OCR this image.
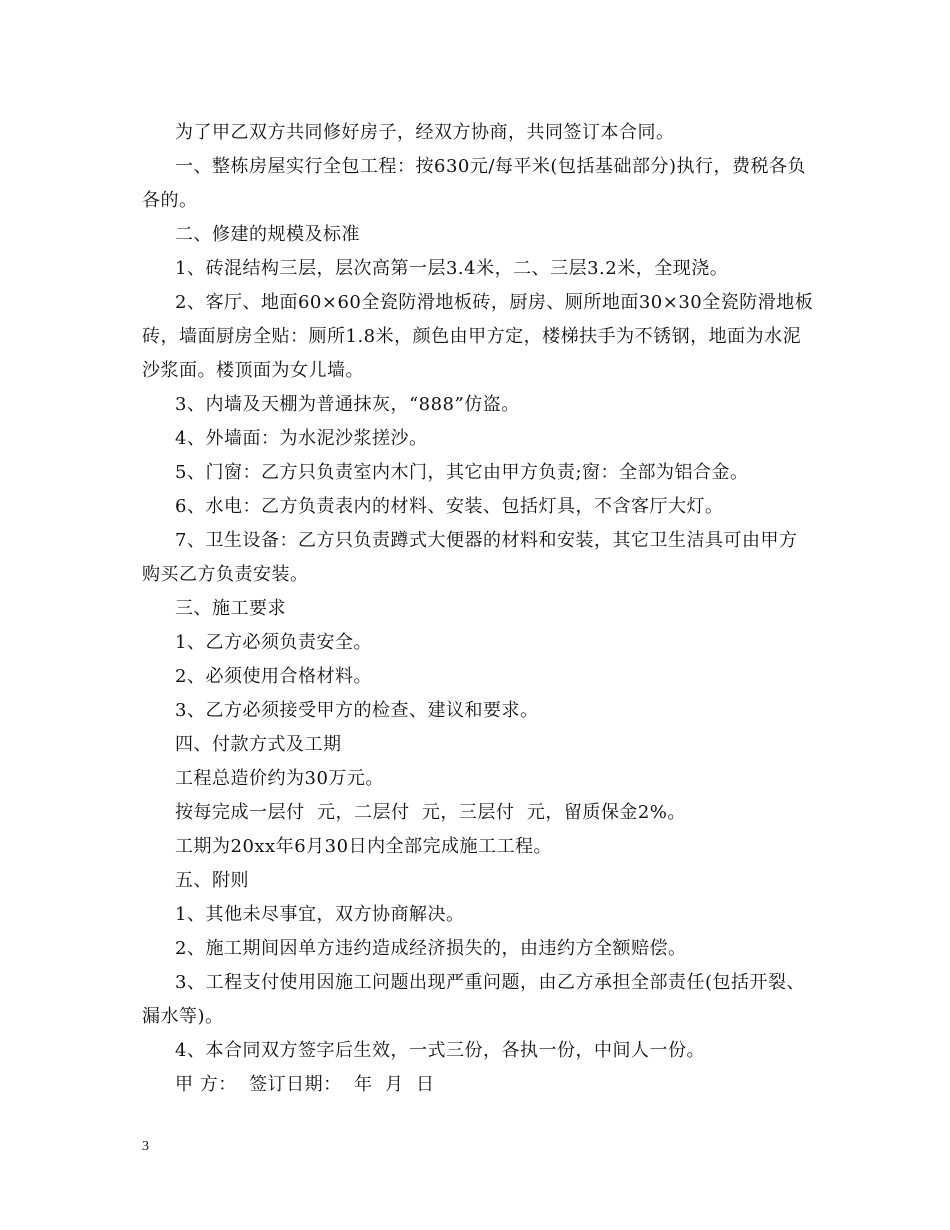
为了甲乙双方共同修好房子，经双方协商，共同签订本合同。

一、整栋房屋实行全包工程：按630元/每平米(包括基础部分)执行，费税各负各的。

二、修建的规模及标准

1、砖混结构三层，层次高第一层3.4米，二、三层3.2米，全现浇。

2、客厅、地面60×60全瓷防滑地板砖，厨房、厕所地面30×30全瓷防滑地板砖，墙面厨房全贴：厕所1.8米，颜色由甲方定，楼梯扶手为不锈钢，地面为水泥沙浆面。楼顶面为女儿墙。

3、内墙及天棚为普通抹灰，“888”仿盗。

4、外墙面：为水泥沙浆搓沙。

5、门窗：乙方只负责室内木门，其它由甲方负责;窗：全部为铝合金。

6、水电：乙方负责表内的材料、安装、包括灯具，不含客厅大灯。

7、卫生设备：乙方只负责蹲式大便器的材料和安装，其它卫生洁具可由甲方购买乙方负责安装。

三、施工要求

1、乙方必须负责安全。

2、必须使用合格材料。

3、乙方必须接受甲方的检查、建议和要求。

四、付款方式及工期

工程总造价约为30万元。

按每完成一层付  元，二层付  元，三层付  元，留质保金2%。

工期为20xx年6月30日内全部完成施工工程。

五、附则

1、其他未尽事宜，双方协商解决。

2、施工期间因单方违约造成经济损失的，由违约方全额赔偿。

3、工程支付使用因施工问题出现严重问题，由乙方承担全部责任(包括开裂、漏水等)。

4、本合同双方签字后生效，一式三份，各执一份，中间人一份。

甲 方：  签订日期：  年  月  日

3
